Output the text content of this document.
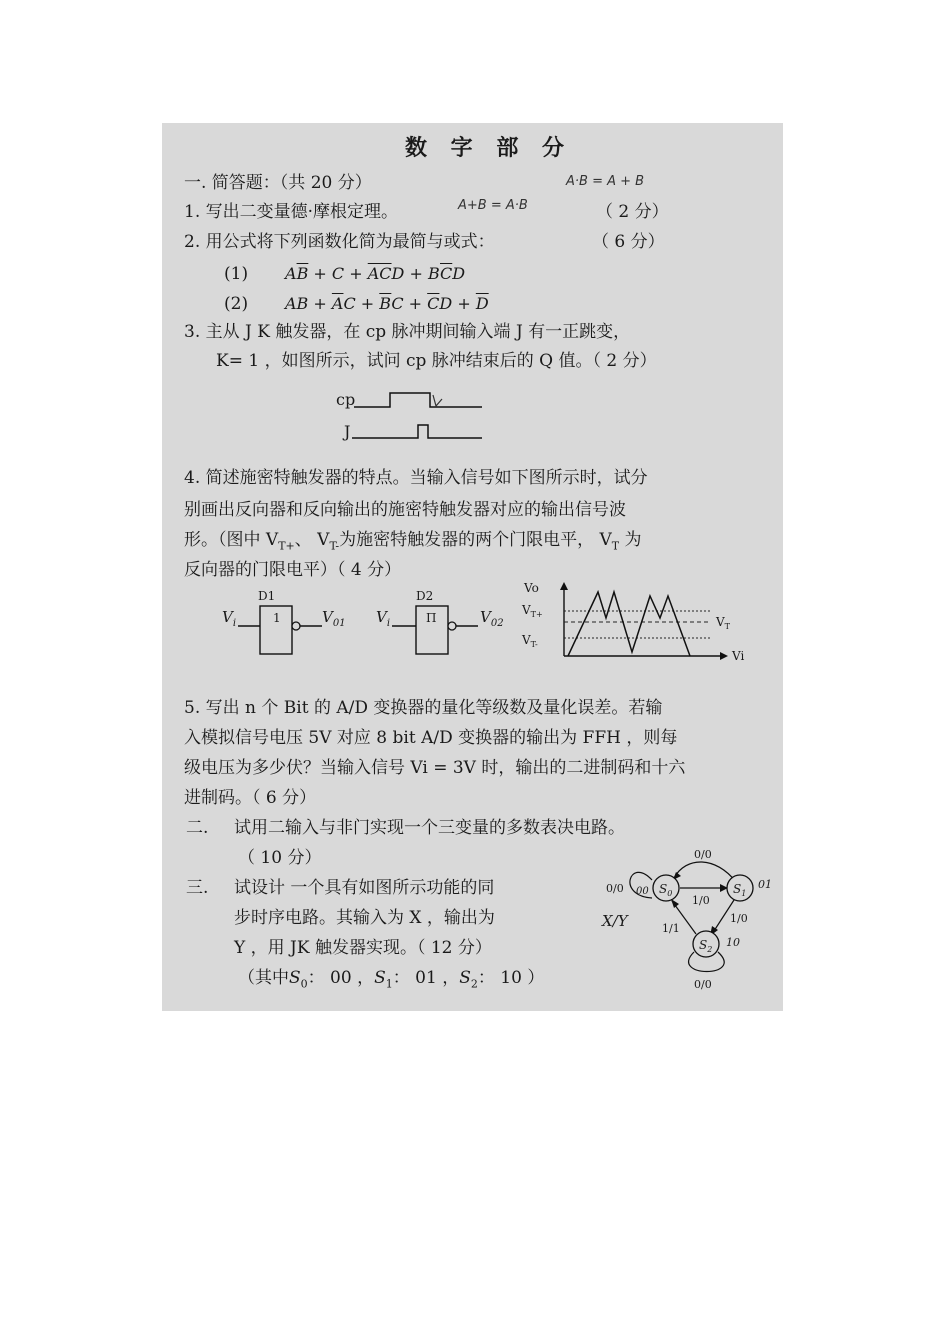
数 字 部 分
一. 简答题：（共 20 分）	A·B = A + B
1. 写出二变量德·摩根定理。	A+B = A·B	（ 2 分）
2. 用公式将下列函数化简为最简与或式：	（ 6 分）
(1) $A\overline{B} + C + \overline{AC}D + B\overline{C}D$
(2) AB + $\overline{A}C + \overline{B}C + \overline{C}D + \overline{D}$
3. 主从 J K 触发器，在 cp 脉冲期间输入端 J 有一正跳变，
K= 1 ，如图所示，试问 cp 脉冲结束后的 Q 值。（ 2 分）
cp
J
4. 简述施密特触发器的特点。当输入信号如下图所示时，试分
别画出反向器和反向输出的施密特触发器对应的输出信号波
形。（图中 $V_{T+}$、 $V_{T-}$为施密特触发器的两个门限电平， $V_T$ 为
反向器的门限电平）（ 4 分）
D1
$V_i$	1	$V_{01}$
D2
$V_i$	Π	$V_{02}$
Vo
Vi
$V_{T+}$
$V_T$
$V_{T-}$
5. 写出 n 个 Bit 的 A/D 变换器的量化等级数及量化误差。若输
入模拟信号电压 5V 对应 8 bit A/D 变换器的输出为 FFH ，则每
级电压为多少伏？当输入信号 Vi = 3V 时，输出的二进制码和十六
进制码。（ 6 分）
二. 试用二输入与非门实现一个三变量的多数表决电路。
（ 10 分）
三. 试设计 一个具有如图所示功能的同
步时序电路。其输入为 X ，输出为
Y ，用 JK 触发器实现。（ 12 分）
（其中$S_0$： 00 ，$S_1$： 01 ，$S_2$： 10 ）
0/0
0/0	$S_0$
00
1/0
$S_1$
01
1/0
$S_2$
10
1/1
0/0
X/Y
